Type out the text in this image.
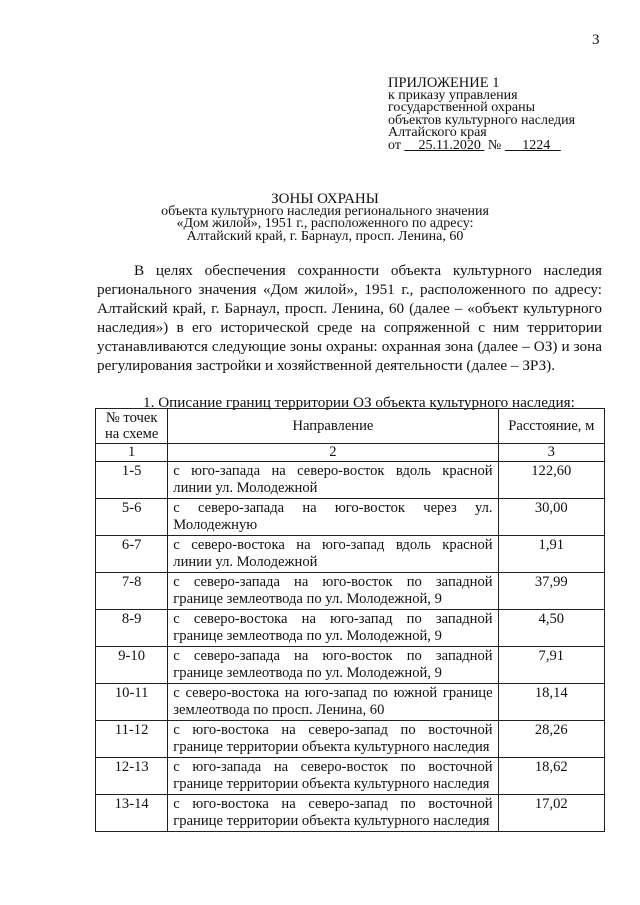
3
ПРИЛОЖЕНИЕ 1
к приказу управления
государственной охраны
объектов культурного наследия
Алтайского края
от 25.11.2020 № 1224
ЗОНЫ ОХРАНЫ
объекта культурного наследия регионального значения
«Дом жилой», 1951 г., расположенного по адресу:
Алтайский край, г. Барнаул, просп. Ленина, 60

В целях обеспечения сохранности объекта культурного наследия регионального значения «Дом жилой», 1951 г., расположенного по адресу: Алтайский край, г. Барнаул, просп. Ленина, 60 (далее – «объект культурного наследия») в его исторической среде на сопряженной с ним территории устанавливаются следующие зоны охраны: охранная зона (далее – ОЗ) и зона регулирования застройки и хозяйственной деятельности (далее – ЗРЗ).

1. Описание границ территории ОЗ объекта культурного наследия:
№ точек на схеме	Направление	Расстояние, м
1	2	3
1-5	с юго-запада на северо-восток вдоль красной линии ул. Молодежной	122,60
5-6	с северо-запада на юго-восток через ул. Молодежную	30,00
6-7	с северо-востока на юго-запад вдоль красной линии ул. Молодежной	1,91
7-8	с северо-запада на юго-восток по западной границе землеотвода по ул. Молодежной, 9	37,99
8-9	с северо-востока на юго-запад по западной границе землеотвода по ул. Молодежной, 9	4,50
9-10	с северо-запада на юго-восток по западной границе землеотвода по ул. Молодежной, 9	7,91
10-11	с северо-востока на юго-запад по южной границе землеотвода по просп. Ленина, 60	18,14
11-12	с юго-востока на северо-запад по восточной границе территории объекта культурного наследия	28,26
12-13	с юго-запада на северо-восток по восточной границе территории объекта культурного наследия	18,62
13-14	с юго-востока на северо-запад по восточной границе территории объекта культурного наследия	17,02
